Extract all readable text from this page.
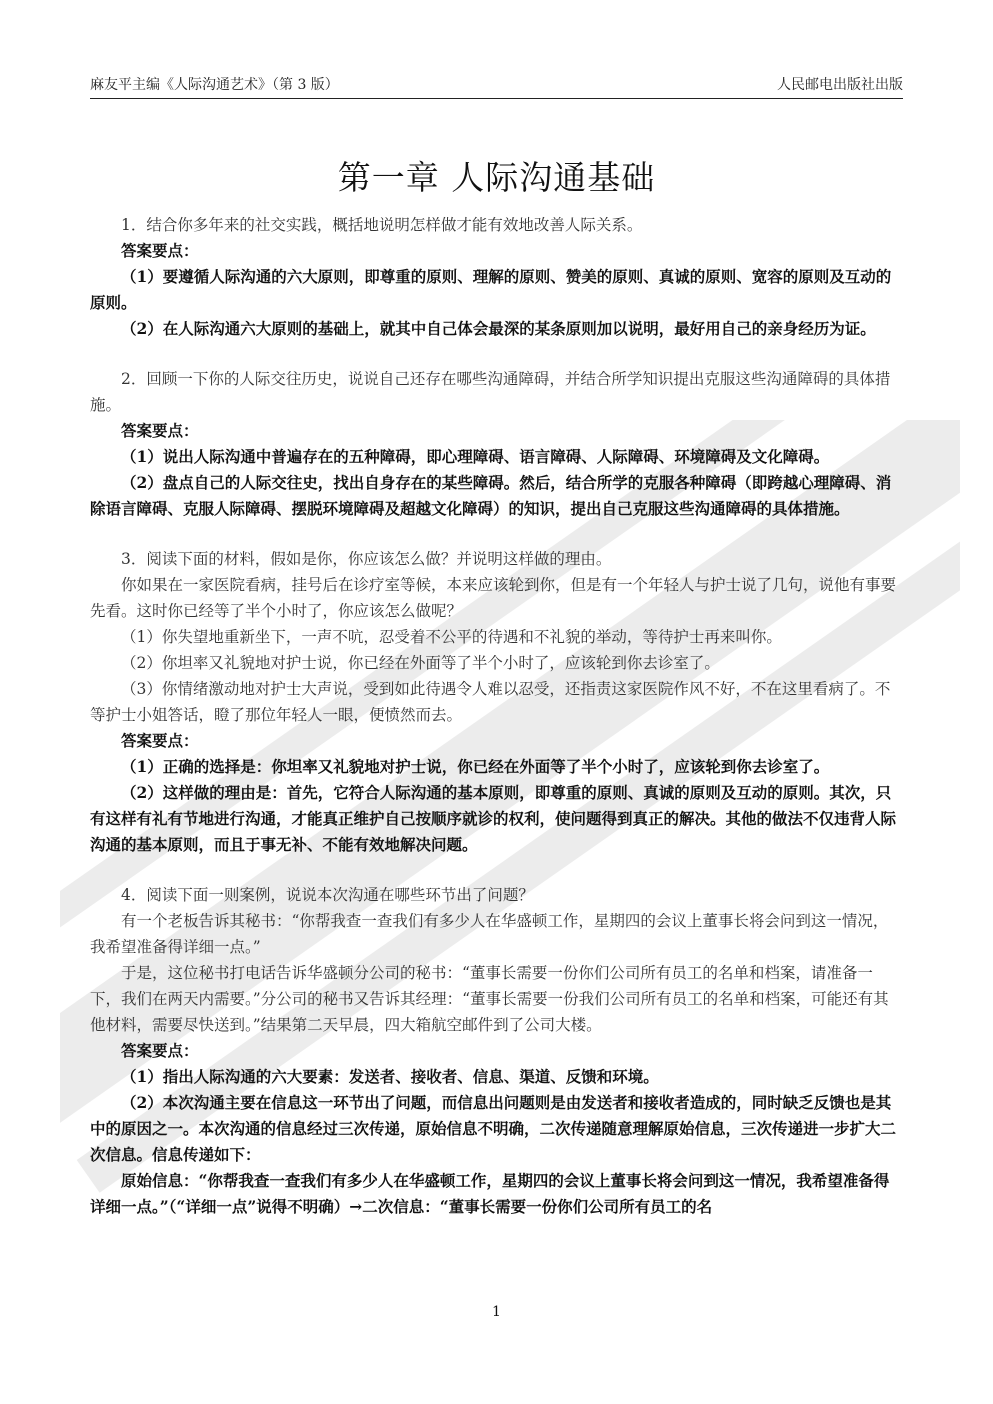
麻友平主编《人际沟通艺术》（第 3 版）	人民邮电出版社出版
第一章 人际沟通基础

1．结合你多年来的社交实践，概括地说明怎样做才能有效地改善人际关系。

答案要点：

（1）要遵循人际沟通的六大原则，即尊重的原则、理解的原则、赞美的原则、真诚的原则、宽容的原则及互动的原则。

（2）在人际沟通六大原则的基础上，就其中自己体会最深的某条原则加以说明，最好用自己的亲身经历为证。

2．回顾一下你的人际交往历史，说说自己还存在哪些沟通障碍，并结合所学知识提出克服这些沟通障碍的具体措施。

答案要点：

（1）说出人际沟通中普遍存在的五种障碍，即心理障碍、语言障碍、人际障碍、环境障碍及文化障碍。

（2）盘点自己的人际交往史，找出自身存在的某些障碍。然后，结合所学的克服各种障碍（即跨越心理障碍、消除语言障碍、克服人际障碍、摆脱环境障碍及超越文化障碍）的知识，提出自己克服这些沟通障碍的具体措施。

3．阅读下面的材料，假如是你，你应该怎么做？并说明这样做的理由。

你如果在一家医院看病，挂号后在诊疗室等候，本来应该轮到你，但是有一个年轻人与护士说了几句，说他有事要先看。这时你已经等了半个小时了，你应该怎么做呢？

（1）你失望地重新坐下，一声不吭，忍受着不公平的待遇和不礼貌的举动，等待护士再来叫你。

（2）你坦率又礼貌地对护士说，你已经在外面等了半个小时了，应该轮到你去诊室了。

（3）你情绪激动地对护士大声说，受到如此待遇令人难以忍受，还指责这家医院作风不好，不在这里看病了。不等护士小姐答话，瞪了那位年轻人一眼，便愤然而去。

答案要点：

（1）正确的选择是：你坦率又礼貌地对护士说，你已经在外面等了半个小时了，应该轮到你去诊室了。

（2）这样做的理由是：首先，它符合人际沟通的基本原则，即尊重的原则、真诚的原则及互动的原则。其次，只有这样有礼有节地进行沟通，才能真正维护自己按顺序就诊的权利，使问题得到真正的解决。其他的做法不仅违背人际沟通的基本原则，而且于事无补、不能有效地解决问题。

4．阅读下面一则案例，说说本次沟通在哪些环节出了问题？

有一个老板告诉其秘书：“你帮我查一查我们有多少人在华盛顿工作，星期四的会议上董事长将会问到这一情况，我希望准备得详细一点。”

于是，这位秘书打电话告诉华盛顿分公司的秘书：“董事长需要一份你们公司所有员工的名单和档案，请准备一下，我们在两天内需要。”分公司的秘书又告诉其经理：“董事长需要一份我们公司所有员工的名单和档案，可能还有其他材料，需要尽快送到。”结果第二天早晨，四大箱航空邮件到了公司大楼。

答案要点：

（1）指出人际沟通的六大要素：发送者、接收者、信息、渠道、反馈和环境。

（2）本次沟通主要在信息这一环节出了问题，而信息出问题则是由发送者和接收者造成的，同时缺乏反馈也是其中的原因之一。本次沟通的信息经过三次传递，原始信息不明确，二次传递随意理解原始信息，三次传递进一步扩大二次信息。信息传递如下：

原始信息：“你帮我查一查我们有多少人在华盛顿工作，星期四的会议上董事长将会问到这一情况，我希望准备得详细一点。”（“详细一点”说得不明确）→二次信息：“董事长需要一份你们公司所有员工的名

1
